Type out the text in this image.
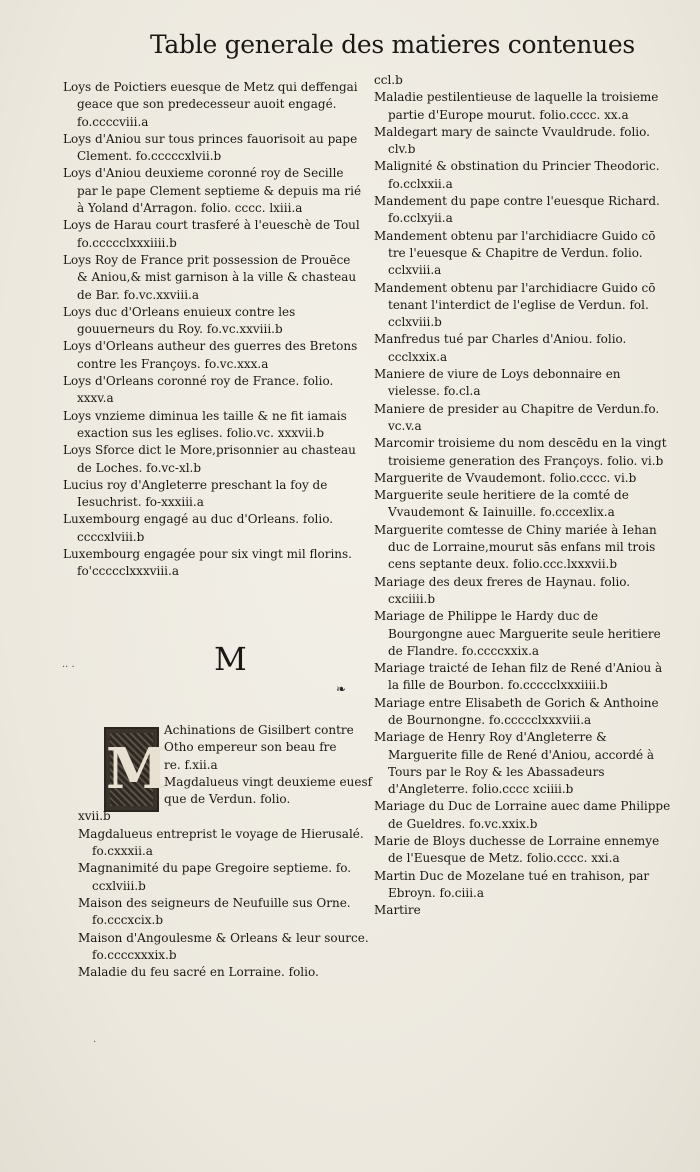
Table generale des matieres contenues
Loys de Poictiers euesque de Metz qui deffengai geace que son predecesseur auoit engagé. fo.ccccviii.a
Loys d'Aniou sur tous princes fauorisoit au pape Clement. fo.cccccxlvii.b
Loys d'Aniou deuxieme coronné roy de Secille par le pape Clement septieme & depuis ma rié à Yoland d'Arragon. folio. cccc. lxiii.a
Loys de Harau court trasferé à l'eueschè de Toul fo.ccccclxxxiiii.b
Loys Roy de France prit possession de Prouēce & Aniou,& mist garnison à la ville & chasteau de Bar. fo.vc.xxviii.a
Loys duc d'Orleans enuieux contre les gouuerneurs du Roy. fo.vc.xxviii.b
Loys d'Orleans autheur des guerres des Bretons contre les Françoys. fo.vc.xxx.a
Loys d'Orleans coronné roy de France. folio. xxxv.a
Loys vnzieme diminua les taille & ne fit iamais exaction sus les eglises. folio.vc. xxxvii.b
Loys Sforce dict le More,prisonnier au chasteau de Loches. fo.vc-xl.b
Lucius roy d'Angleterre preschant la foy de Iesuchrist. fo-xxxiii.a
Luxembourg engagé au duc d'Orleans. folio. ccccxlviii.b
Luxembourg engagée pour six vingt mil florins. fo'ccccclxxxviii.a
M
❧
M
Achinations de Gisilbert contre
Otho empereur son beau fre
re. f.xii.a
Magdalueus vingt deuxieme euesf
que de Verdun. folio.
xvii.b
Magdalueus entreprist le voyage de Hierusalé. fo.cxxxii.a
Magnanimité du pape Gregoire septieme. fo. ccxlviii.b
Maison des seigneurs de Neufuille sus Orne. fo.cccxcix.b
Maison d'Angoulesme & Orleans & leur source. fo.ccccxxxix.b
Maladie du feu sacré en Lorraine. folio.
ccl.b
Maladie pestilentieuse de laquelle la troisieme partie d'Europe mourut. folio.cccc. xx.a
Maldegart mary de saincte Vvauldrude. folio. clv.b
Malignité & obstination du Princier Theodoric. fo.cclxxii.a
Mandement du pape contre l'euesque Richard. fo.cclxyii.a
Mandement obtenu par l'archidiacre Guido cō tre l'euesque & Chapitre de Verdun. folio. cclxviii.a
Mandement obtenu par l'archidiacre Guido cō tenant l'interdict de l'eglise de Verdun. fol. cclxviii.b
Manfredus tué par Charles d'Aniou. folio. ccclxxix.a
Maniere de viure de Loys debonnaire en vielesse. fo.cl.a
Maniere de presider au Chapitre de Verdun.fo. vc.v.a
Marcomir troisieme du nom descēdu en la vingt troisieme generation des Françoys. folio. vi.b
Marguerite de Vvaudemont. folio.cccc. vi.b
Marguerite seule heritiere de la comté de Vvaudemont & Iainuille. fo.cccexlix.a
Marguerite comtesse de Chiny mariée à Iehan duc de Lorraine,mourut sās enfans mil trois cens septante deux. folio.ccc.lxxxvii.b
Mariage des deux freres de Haynau. folio. cxciiii.b
Mariage de Philippe le Hardy duc de Bourgongne auec Marguerite seule heritiere de Flandre. fo.ccccxxix.a
Mariage traicté de Iehan filz de René d'Aniou à la fille de Bourbon. fo.ccccclxxxiiii.b
Mariage entre Elisabeth de Gorich & Anthoine de Bournongne. fo.ccccclxxxviii.a
Mariage de Henry Roy d'Angleterre & Marguerite fille de René d'Aniou, accordé à Tours par le Roy & les Abassadeurs d'Angleterre. folio.cccc xciiii.b
Mariage du Duc de Lorraine auec dame Philippe de Gueldres. fo.vc.xxix.b
Marie de Bloys duchesse de Lorraine ennemye de l'Euesque de Metz. folio.cccc. xxi.a
Martin Duc de Mozelane tué en trahison, par Ebroyn. fo.ciii.a
Martire
·· ·
·
